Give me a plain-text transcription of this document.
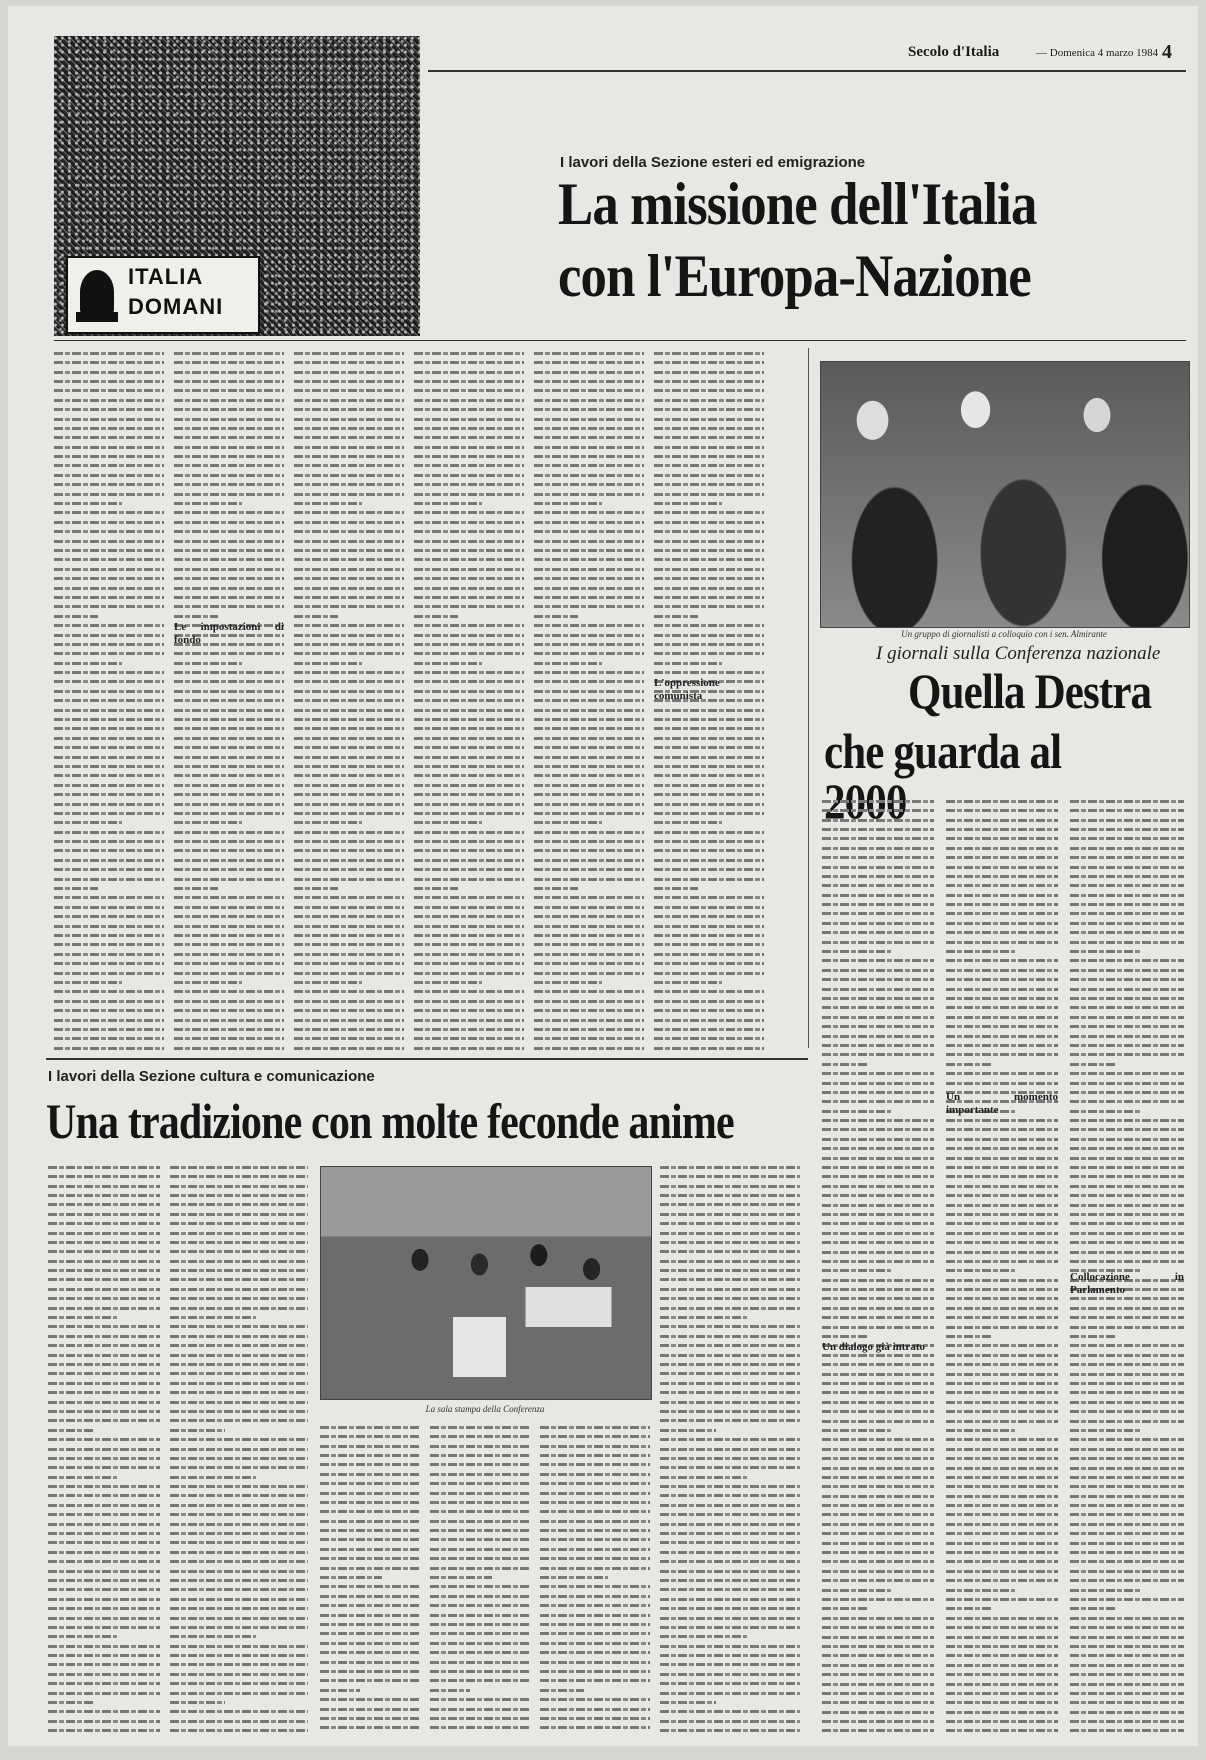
Secolo d'Italia	— Domenica 4 marzo 1984 4
ITALIA
DOMANI
I lavori della Sezione esteri ed emigrazione
La missione dell'Italia
con l'Europa-Nazione
Le impostazioni di fondo
L'oppressione comunista
Un gruppo di giornalisti a colloquio con i sen. Almirante
I giornali sulla Conferenza nazionale
Quella Destra
che guarda al 2000
Un dialogo già intrato
Un momento importante
Collocazione in Parlamento
I lavori della Sezione cultura e comunicazione
Una tradizione con molte feconde anime
La sala stampa della Conferenza
